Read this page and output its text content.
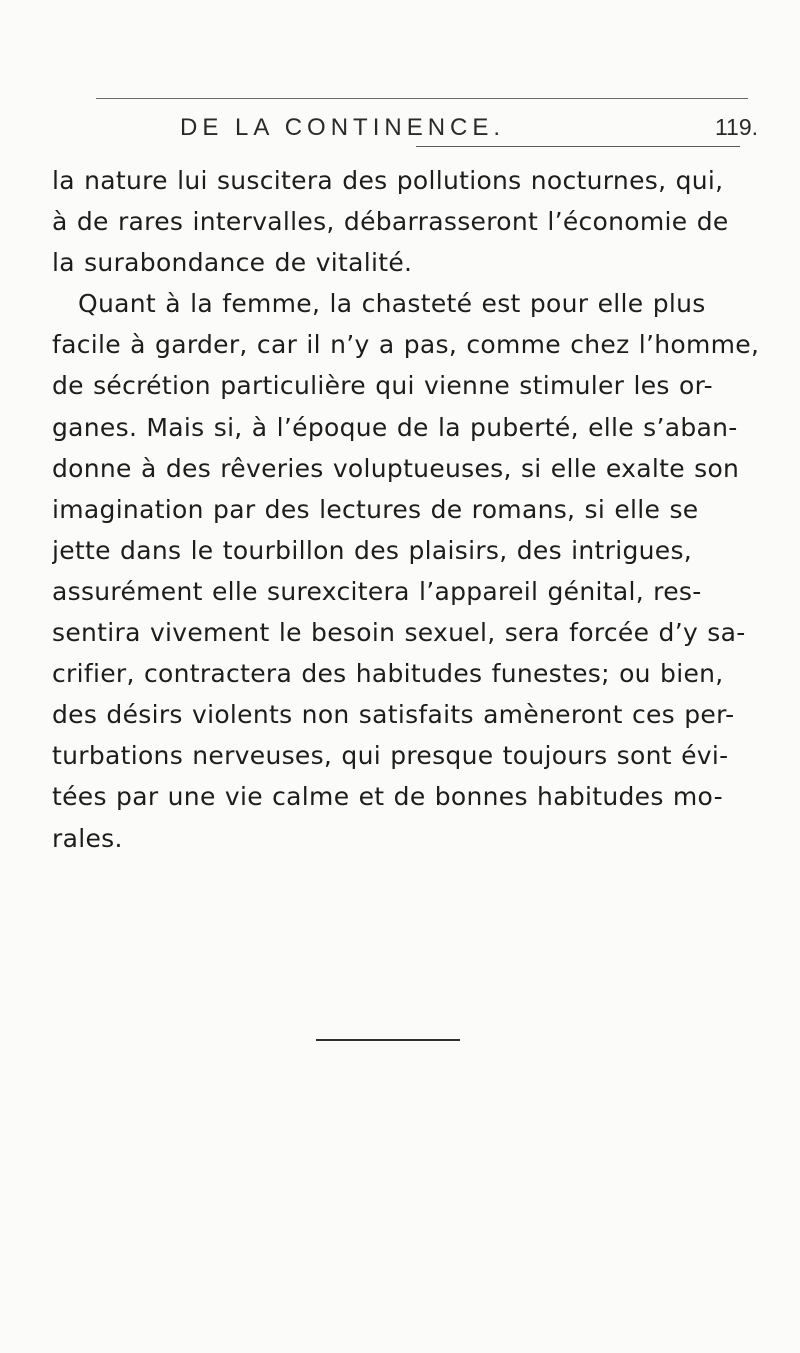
DE LA CONTINENCE.	119.
la nature lui suscitera des pollutions nocturnes, qui,
à de rares intervalles, débarrasseront l’économie de
la surabondance de vitalité.
Quant à la femme, la chasteté est pour elle plus
facile à garder, car il n’y a pas, comme chez l’homme,
de sécrétion particulière qui vienne stimuler les or-
ganes. Mais si, à l’époque de la puberté, elle s’aban-
donne à des rêveries voluptueuses, si elle exalte son
imagination par des lectures de romans, si elle se
jette dans le tourbillon des plaisirs, des intrigues,
assurément elle surexcitera l’appareil génital, res-
sentira vivement le besoin sexuel, sera forcée d’y sa-
crifier, contractera des habitudes funestes; ou bien,
des désirs violents non satisfaits amèneront ces per-
turbations nerveuses, qui presque toujours sont évi-
tées par une vie calme et de bonnes habitudes mo-
rales.
